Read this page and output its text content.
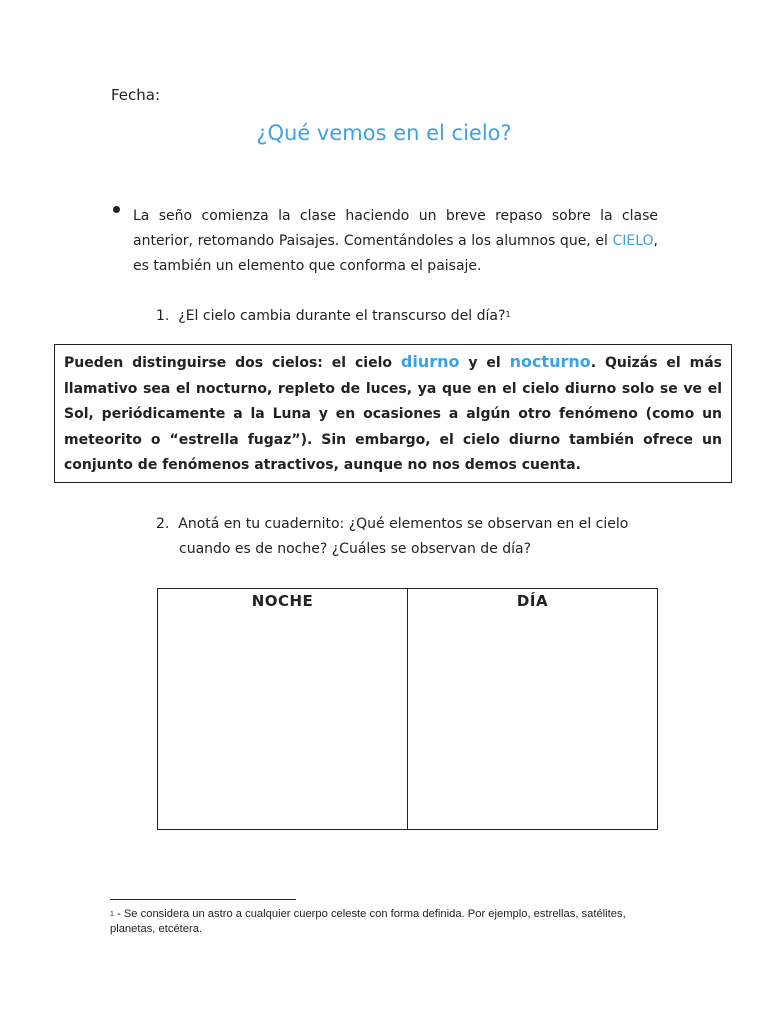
Fecha:
¿Qué vemos en el cielo?
La seño comienza la clase haciendo un breve repaso sobre la clase anterior, retomando Paisajes. Comentándoles a los alumnos que, el CIELO, es también un elemento que conforma el paisaje.
1. ¿El cielo cambia durante el transcurso del día?$^1$
Pueden distinguirse dos cielos: el cielo diurno y el nocturno. Quizás el más llamativo sea el nocturno, repleto de luces, ya que en el cielo diurno solo se ve el Sol, periódicamente a la Luna y en ocasiones a algún otro fenómeno (como un meteorito o “estrella fugaz”). Sin embargo, el cielo diurno también ofrece un conjunto de fenómenos atractivos, aunque no nos demos cuenta.
2. Anotá en tu cuadernito: ¿Qué elementos se observan en el cielo
cuando es de noche? ¿Cuáles se observan de día?
NOCHE	DÍA
$^1$ - Se considera un astro a cualquier cuerpo celeste con forma definida. Por ejemplo, estrellas, satélites, planetas, etcétera.
